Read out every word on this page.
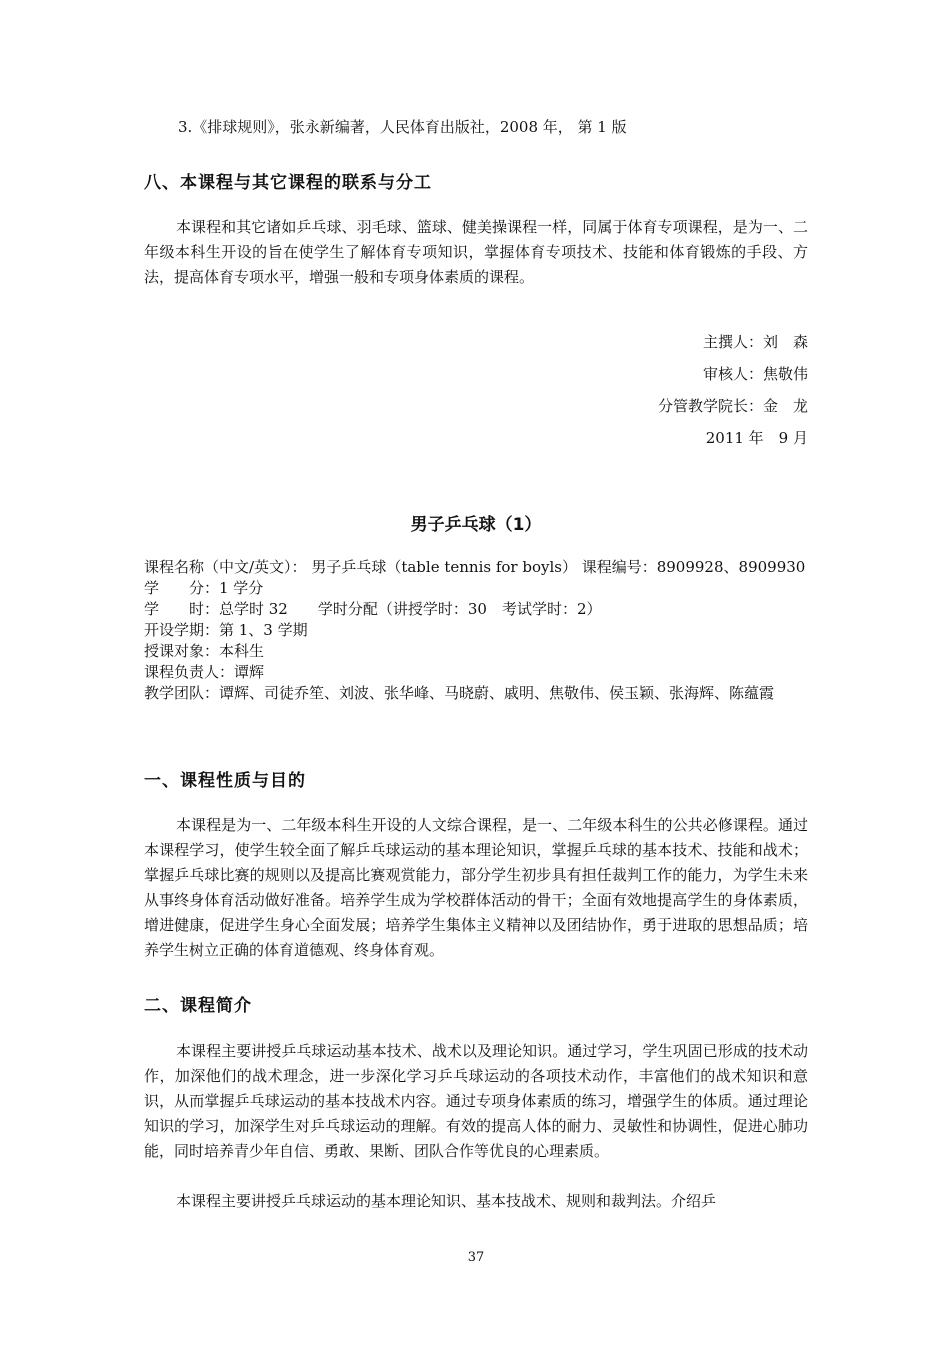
3.《排球规则》，张永新编著，人民体育出版社，2008 年， 第 1 版
八、本课程与其它课程的联系与分工

本课程和其它诸如乒乓球、羽毛球、篮球、健美操课程一样，同属于体育专项课程，是为一、二年级本科生开设的旨在使学生了解体育专项知识，掌握体育专项技术、技能和体育锻炼的手段、方法，提高体育专项水平，增强一般和专项身体素质的课程。

主撰人：刘　森
审核人：焦敬伟
分管教学院长：金　龙
2011 年　9 月
男子乒乓球（1）
课程名称（中文/英文）： 男子乒乓球（table tennis for boyls） 课程编号：8909928、8909930
学　　分：1 学分
学　　时：总学时 32　　学时分配（讲授学时：30　考试学时：2）
开设学期：第 1、3 学期
授课对象：本科生
课程负责人：谭辉
教学团队： 谭辉、司徒乔笙、刘波、张华峰、马晓蔚、戚明、焦敬伟、侯玉颖、张海辉、陈蕴霞
一、课程性质与目的

本课程是为一、二年级本科生开设的人文综合课程，是一、二年级本科生的公共必修课程。通过本课程学习，使学生较全面了解乒乓球运动的基本理论知识，掌握乒乓球的基本技术、技能和战术；掌握乒乓球比赛的规则以及提高比赛观赏能力，部分学生初步具有担任裁判工作的能力，为学生未来从事终身体育活动做好准备。培养学生成为学校群体活动的骨干；全面有效地提高学生的身体素质，增进健康，促进学生身心全面发展；培养学生集体主义精神以及团结协作，勇于进取的思想品质；培养学生树立正确的体育道德观、终身体育观。

二、课程简介

本课程主要讲授乒乓球运动基本技术、战术以及理论知识。通过学习，学生巩固已形成的技术动作，加深他们的战术理念，进一步深化学习乒乓球运动的各项技术动作，丰富他们的战术知识和意识，从而掌握乒乓球运动的基本技战术内容。通过专项身体素质的练习，增强学生的体质。通过理论知识的学习，加深学生对乒乓球运动的理解。有效的提高人体的耐力、灵敏性和协调性，促进心肺功能，同时培养青少年自信、勇敢、果断、团队合作等优良的心理素质。

本课程主要讲授乒乓球运动的基本理论知识、基本技战术、规则和裁判法。介绍乒

37
